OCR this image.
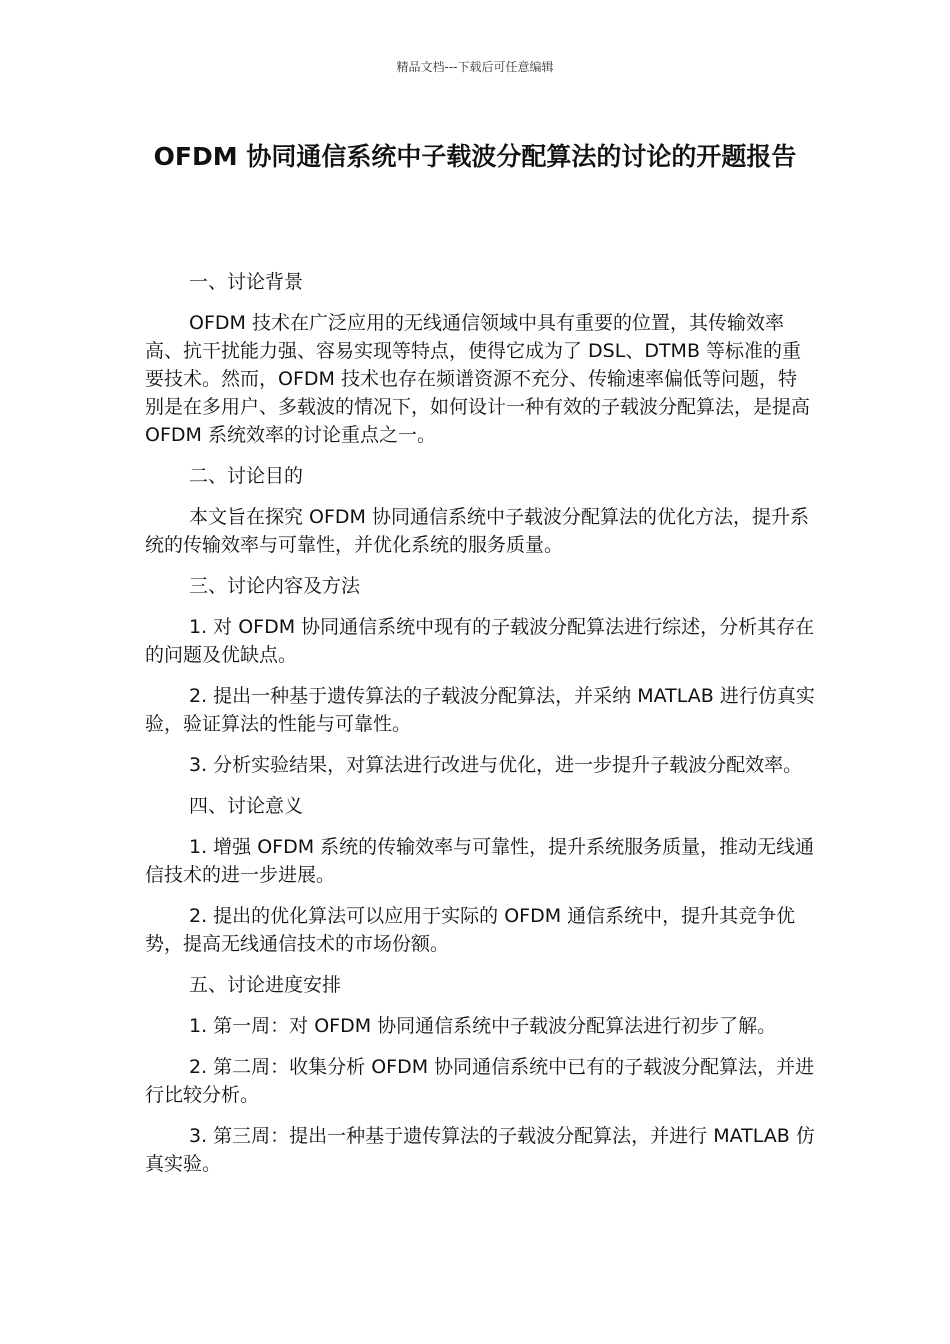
精品文档---下载后可任意编辑
OFDM 协同通信系统中子载波分配算法的讨论的开题报告

一、讨论背景

OFDM 技术在广泛应用的无线通信领域中具有重要的位置，其传输效率高、抗干扰能力强、容易实现等特点，使得它成为了 DSL、DTMB 等标准的重要技术。然而，OFDM 技术也存在频谱资源不充分、传输速率偏低等问题，特别是在多用户、多载波的情况下，如何设计一种有效的子载波分配算法，是提高 OFDM 系统效率的讨论重点之一。

二、讨论目的

本文旨在探究 OFDM 协同通信系统中子载波分配算法的优化方法，提升系统的传输效率与可靠性，并优化系统的服务质量。

三、讨论内容及方法

1. 对 OFDM 协同通信系统中现有的子载波分配算法进行综述，分析其存在的问题及优缺点。

2. 提出一种基于遗传算法的子载波分配算法，并采纳 MATLAB 进行仿真实验，验证算法的性能与可靠性。

3. 分析实验结果，对算法进行改进与优化，进一步提升子载波分配效率。

四、讨论意义

1. 增强 OFDM 系统的传输效率与可靠性，提升系统服务质量，推动无线通信技术的进一步进展。

2. 提出的优化算法可以应用于实际的 OFDM 通信系统中，提升其竞争优势，提高无线通信技术的市场份额。

五、讨论进度安排

1. 第一周：对 OFDM 协同通信系统中子载波分配算法进行初步了解。

2. 第二周：收集分析 OFDM 协同通信系统中已有的子载波分配算法，并进行比较分析。

3. 第三周：提出一种基于遗传算法的子载波分配算法，并进行 MATLAB 仿真实验。
